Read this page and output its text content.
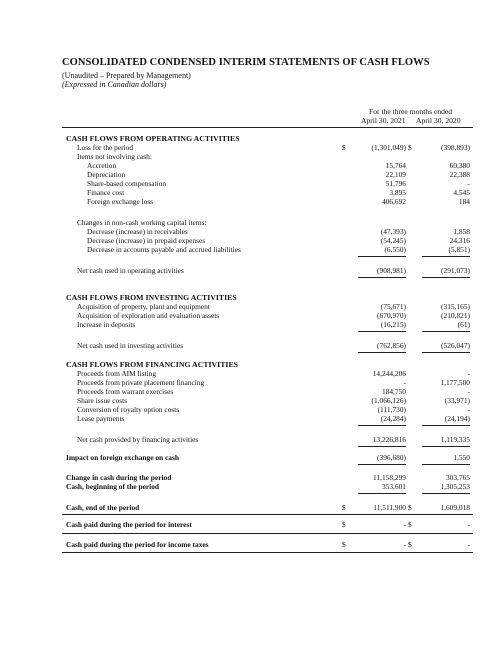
CONSOLIDATED CONDENSED INTERIM STATEMENTS OF CASH FLOWS
(Unaudited – Prepared by Management)
(Expressed in Canadian dollars)
For the three months ended
April 30, 2021 April 30, 2020
CASH FLOWS FROM OPERATING ACTIVITIES
Loss for the period	$	(1,301,049) $	(398,893)
Items not involving cash:
Accretion	15,764	60,380
Depreciation	22,109	22,388
Share-based compensation	51,796	-
Finance cost	3,895	4,545
Foreign exchange loss	406,692	184
Changes in non-cash working capital items:
Decrease (increase) in receivables	(47,393)	1,858
Decrease (increase) in prepaid expenses	(54,245)	24,316
Decrease in accounts payable and accrued liabilities	(6,550)	(5,851)
Net cash used in operating activities	(908,981)	(291,073)
CASH FLOWS FROM INVESTING ACTIVITIES
Acquisition of property, plant and equipment	(75,671)	(315,165)
Acquisition of exploration and evaluation assets	(670,970)	(210,821)
Increase in deposits	(16,215)	(61)
Net cash used in investing activities	(762,856)	(526,047)
CASH FLOWS FROM FINANCING ACTIVITIES
Proceeds from AIM listing	14,244,206	-
Proceeds from private placement financing	-	1,177,500
Proceeds from warrant exercises	184,750	-
Share issue costs	(1,066,126)	(33,971)
Conversion of royalty option costs	(111,730)	-
Lease payments	(24,284)	(24,194)
Net cash provided by financing activities	13,226,816	1,119,335
Impact on foreign exchange on cash	(396,680)	1,550
Change in cash during the period	11,158,299	303,765
Cash, beginning of the period	353,601	1,305,253
Cash, end of the period	$	11,511,900 $	1,609,018
Cash paid during the period for interest	$	- $	-
Cash paid during the period for income taxes	$	- $	-
